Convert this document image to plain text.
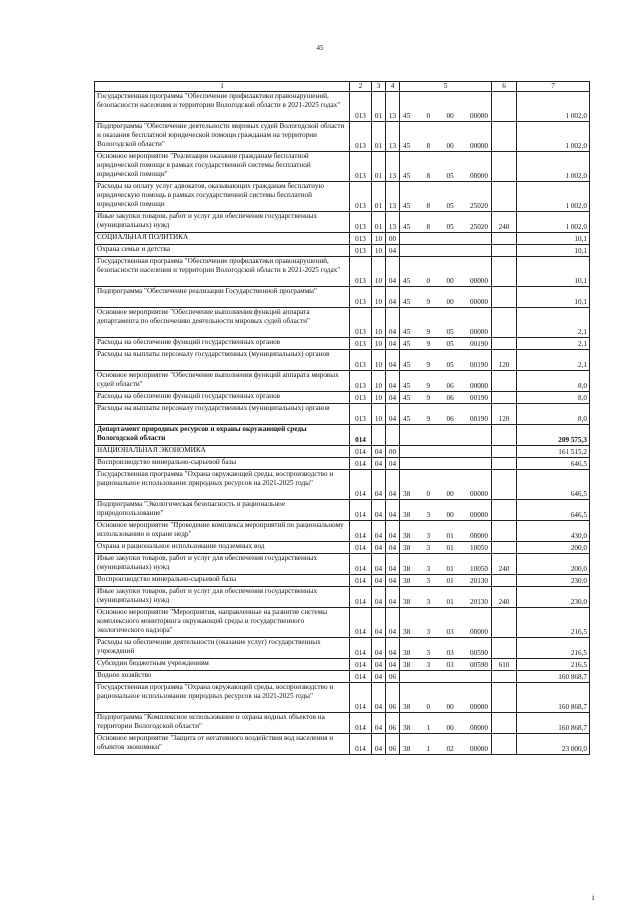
45
1	2	3	4	5	6	7
Государственная программа "Обеспечение профилактики правонарушений, безопасности населения и территории Вологодской области в 2021-2025 годах"	013	01	13	45 0 00 00000		1 002,0
Подпрограмма "Обеспечение деятельности мировых судей Вологодской области и оказания бесплатной юридической помощи гражданам на территории Вологодской области"	013	01	13	45 8 00 00000		1 002,0
Основное мероприятие "Реализация оказания гражданам бесплатной юридической помощи в рамках государственной системы бесплатной юридической помощи"	013	01	13	45 8 05 00000		1 002,0
Расходы на оплату услуг адвокатов, оказывающих гражданам бесплатную юридическую помощь в рамках государственной системы бесплатной юридической помощи	013	01	13	45 8 05 25020		1 002,0
Иные закупки товаров, работ и услуг для обеспечения государственных (муниципальных) нужд	013	01	13	45 8 05 25020	240	1 002,0
СОЦИАЛЬНАЯ ПОЛИТИКА	013	10	00			10,1
Охрана семьи и детства	013	10	04			10,1
Государственная программа "Обеспечение профилактики правонарушений, безопасности населения и территории Вологодской области в 2021-2025 годах"	013	10	04	45 0 00 00000		10,1
Подпрограмма "Обеспечение реализации Государственной программы"	013	10	04	45 9 00 00000		10,1
Основное мероприятие "Обеспечение выполнения функций аппарата департамента по обеспечению деятельности мировых судей области"	013	10	04	45 9 05 00000		2,1
Расходы на обеспечение функций государственных органов	013	10	04	45 9 05 00190		2,1
Расходы на выплаты персоналу государственных (муниципальных) органов	013	10	04	45 9 05 00190	120	2,1
Основное мероприятие "Обеспечение выполнения функций аппарата мировых судей области"	013	10	04	45 9 06 00000		8,0
Расходы на обеспечение функций государственных органов	013	10	04	45 9 06 00190		8,0
Расходы на выплаты персоналу государственных (муниципальных) органов	013	10	04	45 9 06 00190	120	8,0
Департамент природных ресурсов и охраны окружающей среды Вологодской области	014					209 575,3
НАЦИОНАЛЬНАЯ ЭКОНОМИКА	014	04	00			161 515,2
Воспроизводство минерально-сырьевой базы	014	04	04			646,5
Государственная программа "Охрана окружающей среды, воспроизводство и рациональное использование природных ресурсов на 2021-2025 годы"	014	04	04	38 0 00 00000		646,5
Подпрограмма "Экологическая безопасность и рациональное природопользование"	014	04	04	38 3 00 00000		646,5
Основное мероприятие "Проведение комплекса мероприятий по рациональному использованию и охране недр"	014	04	04	38 3 01 00000		430,0
Охрана и рациональное использование подземных вод	014	04	04	38 3 01 10050		200,0
Иные закупки товаров, работ и услуг для обеспечения государственных (муниципальных) нужд	014	04	04	38 3 01 10050	240	200,0
Воспроизводство минерально-сырьевой базы	014	04	04	38 3 01 20130		230,0
Иные закупки товаров, работ и услуг для обеспечения государственных (муниципальных) нужд	014	04	04	38 3 01 20130	240	230,0
Основное мероприятие "Мероприятия, направленные на развитие системы комплексного мониторинга окружающей среды и государственного экологического надзора"	014	04	04	38 3 03 00000		216,5
Расходы на обеспечение деятельности (оказание услуг) государственных учреждений	014	04	04	38 3 03 00590		216,5
Субсидии бюджетным учреждениям	014	04	04	38 3 03 00590	610	216,5
Водное хозяйство	014	04	06			160 868,7
Государственная программа "Охрана окружающей среды, воспроизводство и рациональное использование природных ресурсов на 2021-2025 годы"	014	04	06	38 0 00 00000		160 868,7
Подпрограмма "Комплексное использование и охрана водных объектов на территории Вологодской области"	014	04	06	38 1 00 00000		160 868,7
Основное мероприятие "Защита от негативного воздействия вод населения и объектов экономики"	014	04	06	38 1 02 00000		23 000,0
і
